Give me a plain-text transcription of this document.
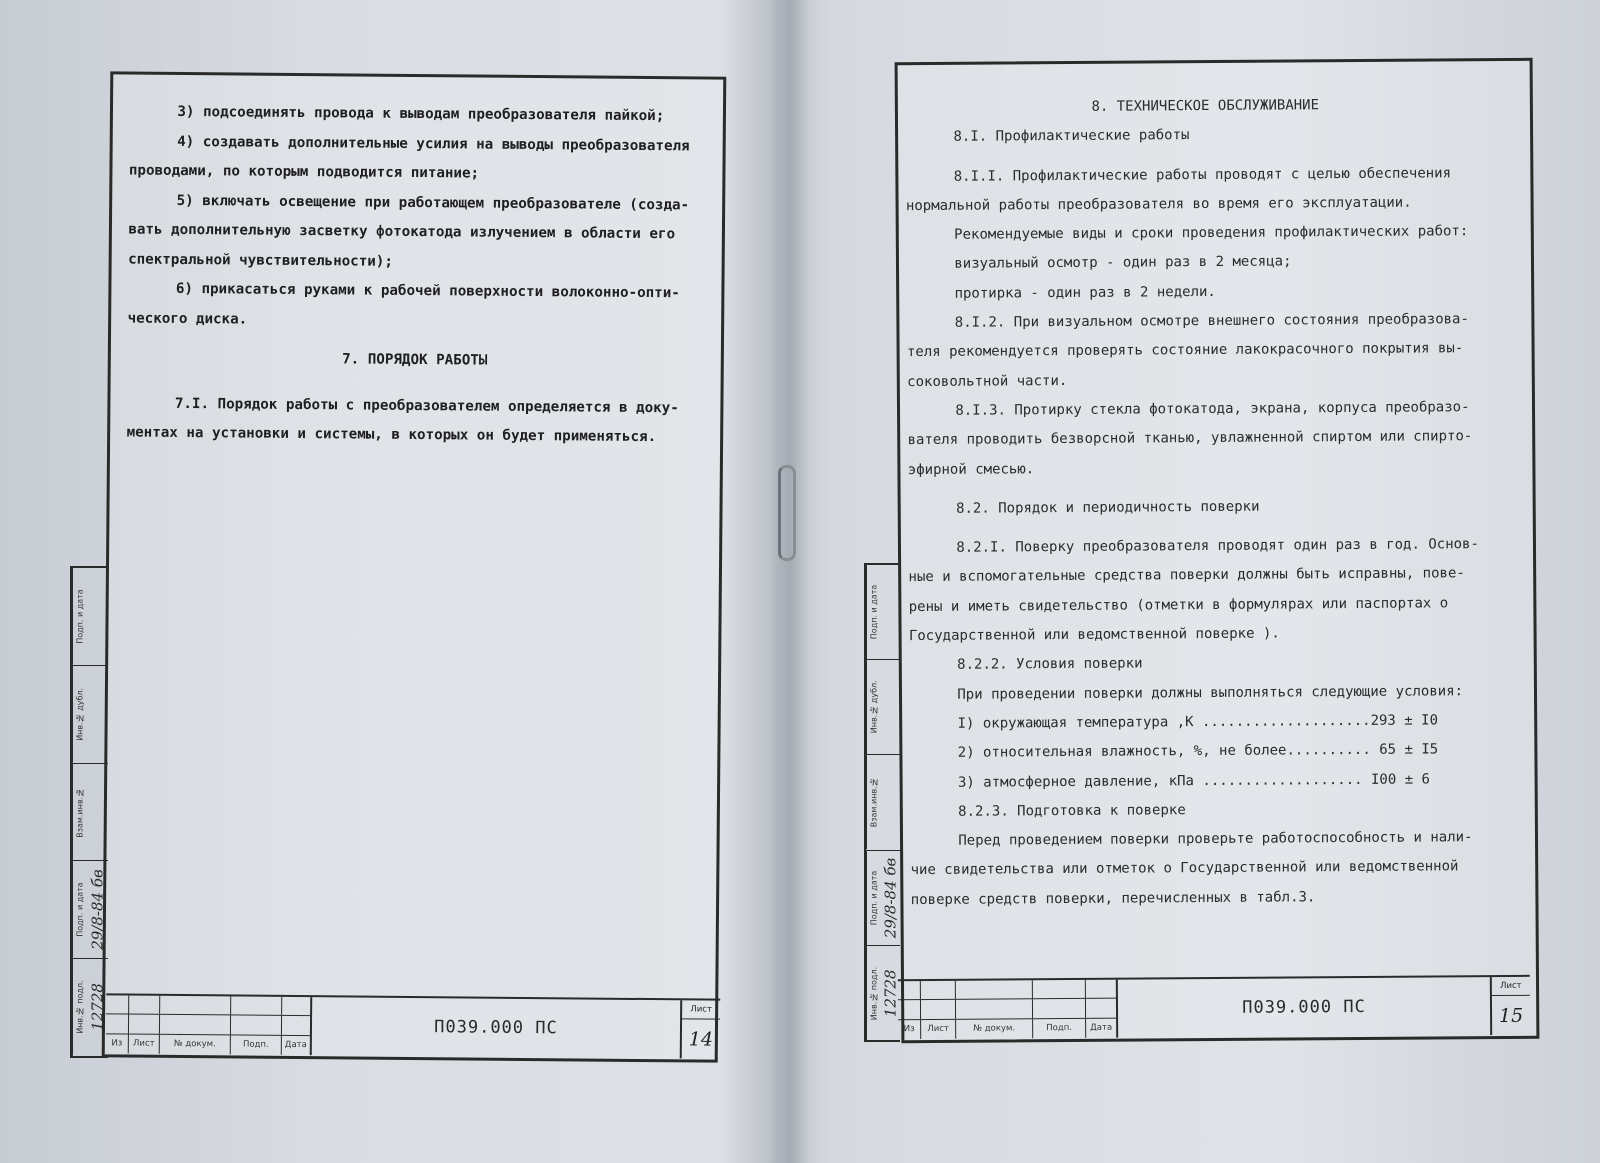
Подп. и дата
Инв.№ дубл.
Взам.инв.№
Подп. и дата 29/8-84 бв
Инв.№ подл. 12728
3) подсоединять провода к выводам преобразователя пайкой;
4) создавать дополнительные усилия на выводы преобразователя
проводами, по которым подводится питание;
5) включать освещение при работающем преобразователе (созда-
вать дополнительную засветку фотокатода излучением в области его
спектральной чувствительности);
6) прикасаться руками к рабочей поверхности волоконно-опти-
ческого диска.
7. ПОРЯДОК РАБОТЫ
7.I. Порядок работы с преобразователем определяется в доку-
ментах на установки и системы, в которых он будет применяться.
Из	Лист	№ докум.	Подп.	Дата
П039.000 ПС
Лист
14
Подп. и дата
Инв.№ дубл.
Взам.инв.№
Подп. и дата 29/8-84 бв
Инв.№ подл. 12728
8. ТЕХНИЧЕСКОЕ ОБСЛУЖИВАНИЕ
8.I. Профилактические работы
8.I.I. Профилактические работы проводят с целью обеспечения
нормальной работы преобразователя во время его эксплуатации.
Рекомендуемые виды и сроки проведения профилактических работ:
визуальный осмотр - один раз в 2 месяца;
протирка - один раз в 2 недели.
8.I.2. При визуальном осмотре внешнего состояния преобразова-
теля рекомендуется проверять состояние лакокрасочного покрытия вы-
соковольтной части.
8.I.3. Протирку стекла фотокатода, экрана, корпуса преобразо-
вателя проводить безворсной тканью, увлажненной спиртом или спирто-
эфирной смесью.
8.2. Порядок и периодичность поверки
8.2.I. Поверку преобразователя проводят один раз в год. Основ-
ные и вспомогательные средства поверки должны быть исправны, пове-
рены и иметь свидетельство (отметки в формулярах или паспортах о
Государственной или ведомственной поверке ).
8.2.2. Условия поверки
При проведении поверки должны выполняться следующие условия:
I) окружающая температура ,К ....................293 ± I0
2) относительная влажность, %, не более.......... 65 ± I5
3) атмосферное давление, кПа ................... I00 ± 6
8.2.3. Подготовка к поверке
Перед проведением поверки проверьте работоспособность и нали-
чие свидетельства или отметок о Государственной или ведомственной
поверке средств поверки, перечисленных в табл.3.
Из	Лист	№ докум.	Подп.	Дата
П039.000 ПС
Лист
15
